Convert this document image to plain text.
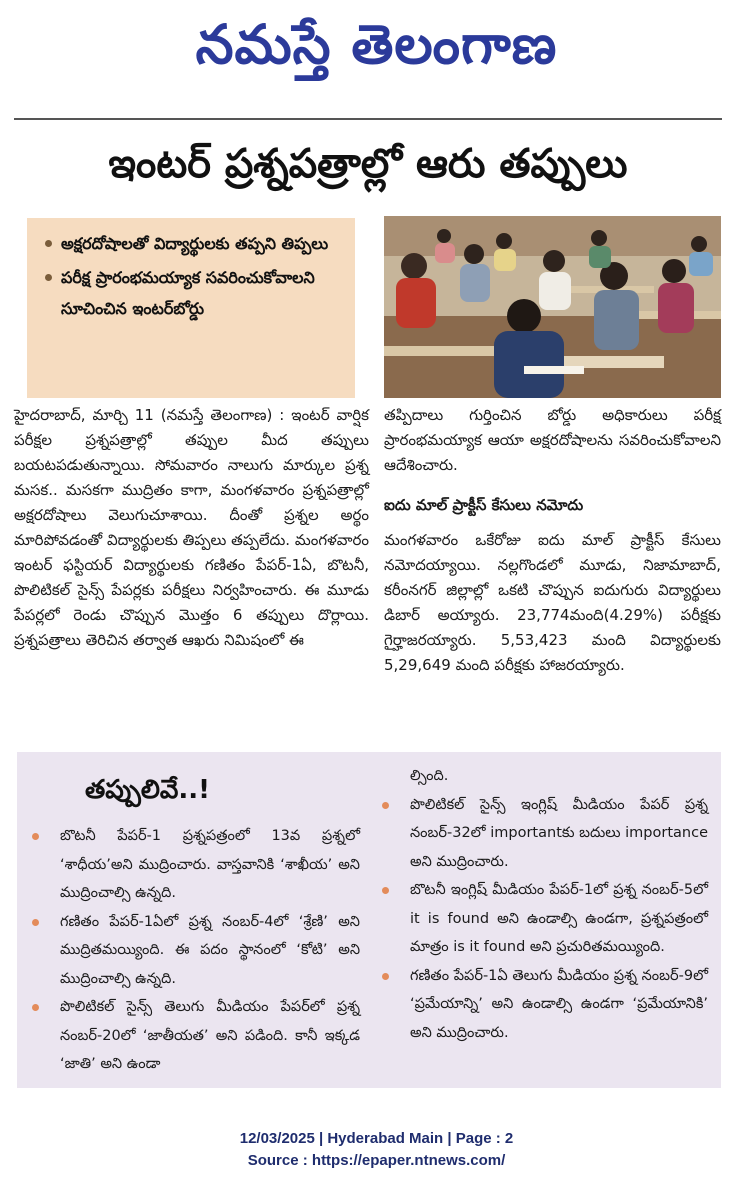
నమస్తే తెలంగాణ
ఇంటర్ ప్రశ్నపత్రాల్లో ఆరు తప్పులు
అక్షరదోషాలతో విద్యార్థులకు తప్పని తిప్పలు
పరీక్ష ప్రారంభమయ్యాక సవరించుకోవాలని సూచించిన ఇంటర్‌బోర్డు

హైదరాబాద్, మార్చి 11 (నమస్తే తెలంగాణ) : ఇంటర్ వార్షిక పరీక్షల ప్రశ్నపత్రాల్లో తప్పుల మీద తప్పులు బయటపడుతున్నాయి. సోమవారం నాలుగు మార్కుల ప్రశ్న మసక.. మసకగా ముద్రితం కాగా, మంగళవారం ప్రశ్నపత్రాల్లో అక్షరదోషాలు వెలుగుచూశాయి. దీంతో ప్రశ్నల అర్థం మారిపోవడంతో విద్యార్థులకు తిప్పలు తప్పలేదు. మంగళవారం ఇంటర్ ఫస్టియర్ విద్యార్థులకు గణితం పేపర్-1ఏ, బొటనీ, పొలిటికల్ సైన్స్ పేపర్లకు పరీక్షలు నిర్వహించారు. ఈ మూడు పేపర్లలో రెండు చొప్పున మొత్తం 6 తప్పులు దొర్లాయి. ప్రశ్నపత్రాలు తెరిచిన తర్వాత ఆఖరు నిమిషంలో ఈ

తప్పిదాలు గుర్తించిన బోర్డు అధికారులు పరీక్ష ప్రారంభమయ్యాక ఆయా అక్షరదోషాలను సవరించుకోవాలని ఆదేశించారు.

ఐదు మాల్ ప్రాక్టీస్ కేసులు నమోదు

మంగళవారం ఒకేరోజు ఐదు మాల్ ప్రాక్టీస్ కేసులు నమోదయ్యాయి. నల్లగొండలో మూడు, నిజామాబాద్, కరీంనగర్ జిల్లాల్లో ఒకటి చొప్పున ఐదుగురు విద్యార్థులు డిబార్ అయ్యారు. 23,774మంది(4.29%) పరీక్షకు గైర్హాజరయ్యారు. 5,53,423 మంది విద్యార్థులకు 5,29,649 మంది పరీక్షకు హాజరయ్యారు.

తప్పులివే..!
బొటనీ పేపర్-1 ప్రశ్నపత్రంలో 13వ ప్రశ్నలో ‘శాధీయ’అని ముద్రించారు. వాస్తవానికి ‘శాఖీయ’ అని ముద్రించాల్సి ఉన్నది.
గణితం పేపర్-1ఏలో ప్రశ్న నంబర్-4లో ‘శ్రేణి’ అని ముద్రితమయ్యింది. ఈ పదం స్థానంలో ‘కోటి’ అని ముద్రించాల్సి ఉన్నది.
పొలిటికల్ సైన్స్ తెలుగు మీడియం పేపర్‌లో ప్రశ్న నంబర్-20లో ‘జాతీయత’ అని పడింది. కానీ ఇక్కడ ‘జాతి’ అని ఉండా
ల్సింది.
పొలిటికల్ సైన్స్ ఇంగ్లిష్ మీడియం పేపర్ ప్రశ్న నంబర్-32లో importantకు బదులు importance అని ముద్రించారు.
బొటనీ ఇంగ్లిష్ మీడియం పేపర్-1లో ప్రశ్న నంబర్-5లో it is found అని ఉండాల్సి ఉండగా, ప్రశ్నపత్రంలో మాత్రం is it found అని ప్రచురితమయ్యింది.
గణితం పేపర్-1ఏ తెలుగు మీడియం ప్రశ్న నంబర్-9లో ‘ప్రమేయాన్ని’ అని ఉండాల్సి ఉండగా ‘ప్రమేయానికి’ అని ముద్రించారు.
12/03/2025 | Hyderabad Main | Page : 2
Source : https://epaper.ntnews.com/
